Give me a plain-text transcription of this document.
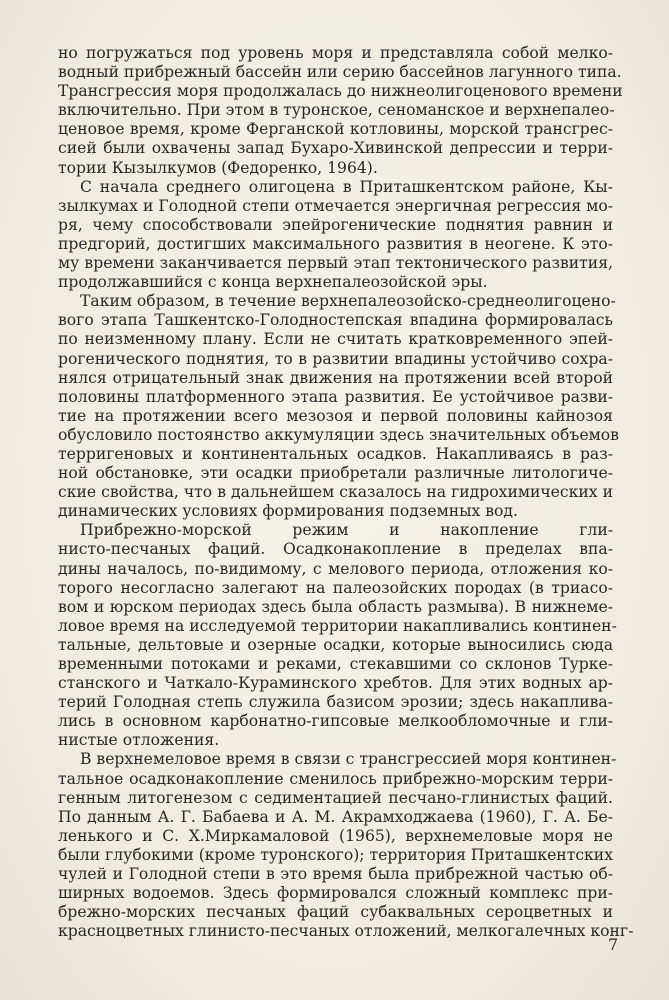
но погружаться под уровень моря и представляла собой мелко-
водный прибрежный бассейн или серию бассейнов лагунного типа.
Трансгрессия моря продолжалась до нижнеолигоценового времени
включительно. При этом в туронское, сеноманское и верхнепалео-
ценовое время, кроме Ферганской котловины, морской трансгрес-
сией были охвачены запад Бухаро-Хивинской депрессии и терри-
тории Кызылкумов (Федоренко, 1964).
С начала среднего олигоцена в Приташкентском районе, Кы-
зылкумах и Голодной степи отмечается энергичная регрессия мо-
ря, чему способствовали эпейрогенические поднятия равнин и
предгорий, достигших максимального развития в неогене. К это-
му времени заканчивается первый этап тектонического развития,
продолжавшийся с конца верхнепалеозойской эры.
Таким образом, в течение верхнепалеозойско-среднеолигоцено-
вого этапа Ташкентско-Голодностепская впадина формировалась
по неизменному плану. Если не считать кратковременного эпей-
рогенического поднятия, то в развитии впадины устойчиво сохра-
нялся отрицательный знак движения на протяжении всей второй
половины платформенного этапа развития. Ее устойчивое разви-
тие на протяжении всего мезозоя и первой половины кайнозоя
обусловило постоянство аккумуляции здесь значительных объемов
терригеновых и континентальных осадков. Накапливаясь в раз-
ной обстановке, эти осадки приобретали различные литологиче-
ские свойства, что в дальнейшем сказалось на гидрохимических и
динамических условиях формирования подземных вод.
Прибрежно-морской режим и накопление гли-
нисто-песчаных фаций. Осадконакопление в пределах впа-
дины началось, по-видимому, с мелового периода, отложения ко-
торого несогласно залегают на палеозойских породах (в триасо-
вом и юрском периодах здесь была область размыва). В нижнеме-
ловое время на исследуемой территории накапливались континен-
тальные, дельтовые и озерные осадки, которые выносились сюда
временными потоками и реками, стекавшими со склонов Турке-
станского и Чаткало-Кураминского хребтов. Для этих водных ар-
терий Голодная степь служила базисом эрозии; здесь накаплива-
лись в основном карбонатно-гипсовые мелкообломочные и гли-
нистые отложения.
В верхнемеловое время в связи с трансгрессией моря континен-
тальное осадконакопление сменилось прибрежно-морским терри-
генным литогенезом с седиментацией песчано-глинистых фаций.
По данным А. Г. Бабаева и А. М. Акрамходжаева (1960), Г. А. Бе-
ленького и С. Х.Миркамаловой (1965), верхнемеловые моря не
были глубокими (кроме туронского); территория Приташкентских
чулей и Голодной степи в это время была прибрежной частью об-
ширных водоемов. Здесь формировался сложный комплекс при-
брежно-морских песчаных фаций субаквальных сероцветных и
красноцветных глинисто-песчаных отложений, мелкогалечных конг-
7
